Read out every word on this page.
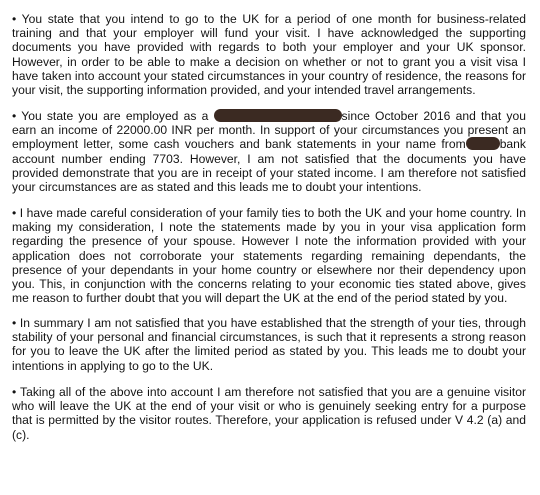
• You state that you intend to go to the UK for a period of one month for business-related training and that your employer will fund your visit. I have acknowledged the supporting documents you have provided with regards to both your employer and your UK sponsor. However, in order to be able to make a decision on whether or not to grant you a visit visa I have taken into account your stated circumstances in your country of residence, the reasons for your visit, the supporting information provided, and your intended travel arrangements.

• You state you are employed as a	since October 2016 and that you earn an income of 22000.00 INR per month. In support of your circumstances you present an employment letter, some cash vouchers and bank statements in your name from	bank account number ending 7703. However, I am not satisfied that the documents you have provided demonstrate that you are in receipt of your stated income. I am therefore not satisfied your circumstances are as stated and this leads me to doubt your intentions.

• I have made careful consideration of your family ties to both the UK and your home country. In making my consideration, I note the statements made by you in your visa application form regarding the presence of your spouse. However I note the information provided with your application does not corroborate your statements regarding remaining dependants, the presence of your dependants in your home country or elsewhere nor their dependency upon you. This, in conjunction with the concerns relating to your economic ties stated above, gives me reason to further doubt that you will depart the UK at the end of the period stated by you.

• In summary I am not satisfied that you have established that the strength of your ties, through stability of your personal and financial circumstances, is such that it represents a strong reason for you to leave the UK after the limited period as stated by you. This leads me to doubt your intentions in applying to go to the UK.

• Taking all of the above into account I am therefore not satisfied that you are a genuine visitor who will leave the UK at the end of your visit or who is genuinely seeking entry for a purpose that is permitted by the visitor routes. Therefore, your application is refused under V 4.2 (a) and (c).
